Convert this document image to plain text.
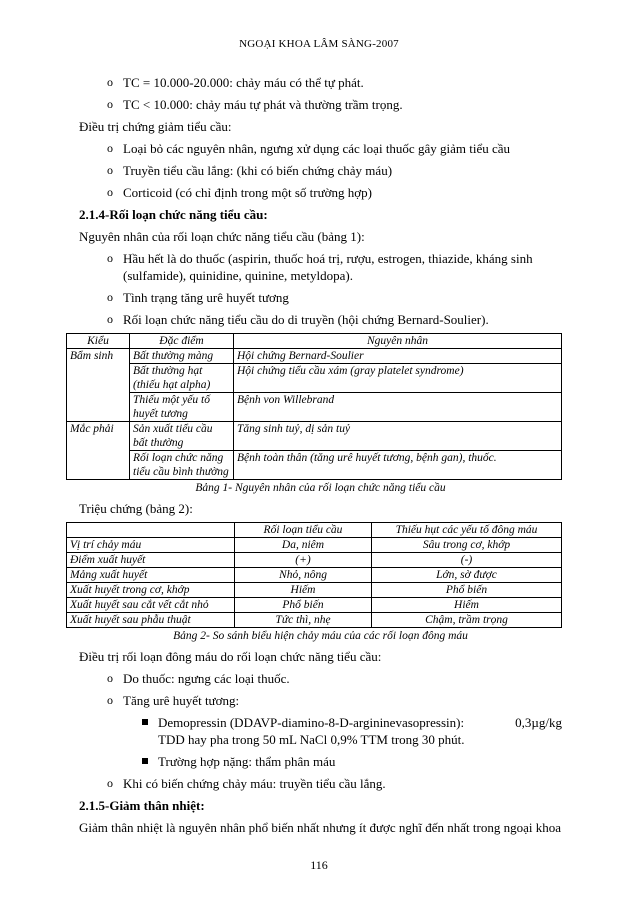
NGOẠI KHOA LÂM SÀNG-2007
o TC = 10.000-20.000: chảy máu có thể tự phát.
o TC < 10.000: chảy máu tự phát và thường trầm trọng.

Điều trị chứng giảm tiểu cầu:

o Loại bỏ các nguyên nhân, ngưng xử dụng các loại thuốc gây giảm tiểu cầu
o Truyền tiểu cầu lắng: (khi có biến chứng chảy máu)
o Corticoid (có chỉ định trong một số trường hợp)

2.1.4-Rối loạn chức năng tiểu cầu:

Nguyên nhân của rối loạn chức năng tiểu cầu (bảng 1):

o Hầu hết là do thuốc (aspirin, thuốc hoá trị, rượu, estrogen, thiazide, kháng sinh (sulfamide), quinidine, quinine, metyldopa).
o Tình trạng tăng urê huyết tương
o Rối loạn chức năng tiểu cầu do di truyền (hội chứng Bernard-Soulier).
Kiểu	Đặc điểm	Nguyên nhân
Bẩm sinh	Bất thường màng	Hội chứng Bernard-Soulier
	Bất thường hạt (thiếu hạt alpha)	Hội chứng tiểu cầu xám (gray platelet syndrome)
	Thiếu một yếu tố huyết tương	Bệnh von Willebrand
Mắc phải	Sản xuất tiểu cầu bất thường	Tăng sinh tuỷ, dị sản tuỷ
	Rối loạn chức năng tiểu cầu bình thường	Bệnh toàn thân (tăng urê huyết tương, bệnh gan), thuốc.
Bảng 1- Nguyên nhân của rối loạn chức năng tiểu cầu

Triệu chứng (bảng 2):

	Rối loạn tiểu cầu	Thiếu hụt các yếu tố đông máu
Vị trí chảy máu	Da, niêm	Sâu trong cơ, khớp
Điểm xuất huyết	(+)	(-)
Mảng xuất huyết	Nhỏ, nông	Lớn, sờ được
Xuất huyết trong cơ, khớp	Hiếm	Phổ biến
Xuất huyết sau cắt vết cắt nhỏ	Phổ biến	Hiếm
Xuất huyết sau phẫu thuật	Tức thì, nhẹ	Chậm, trầm trọng
Bảng 2- So sánh biểu hiện chảy máu của các rối loạn đông máu

Điều trị rối loạn đông máu do rối loạn chức năng tiểu cầu:

o Do thuốc: ngưng các loại thuốc.
o Tăng urê huyết tương:
Demopressin (DDAVP-diamino-8-D-argininevasopressin):	0,3µg/kg
TDD hay pha trong 50 mL NaCl 0,9% TTM trong 30 phút.
Trường hợp nặng: thẩm phân máu
o Khi có biến chứng chảy máu: truyền tiểu cầu lắng.

2.1.5-Giảm thân nhiệt:

Giảm thân nhiệt là nguyên nhân phổ biến nhất nhưng ít được nghĩ đến nhất trong ngoại khoa

116
